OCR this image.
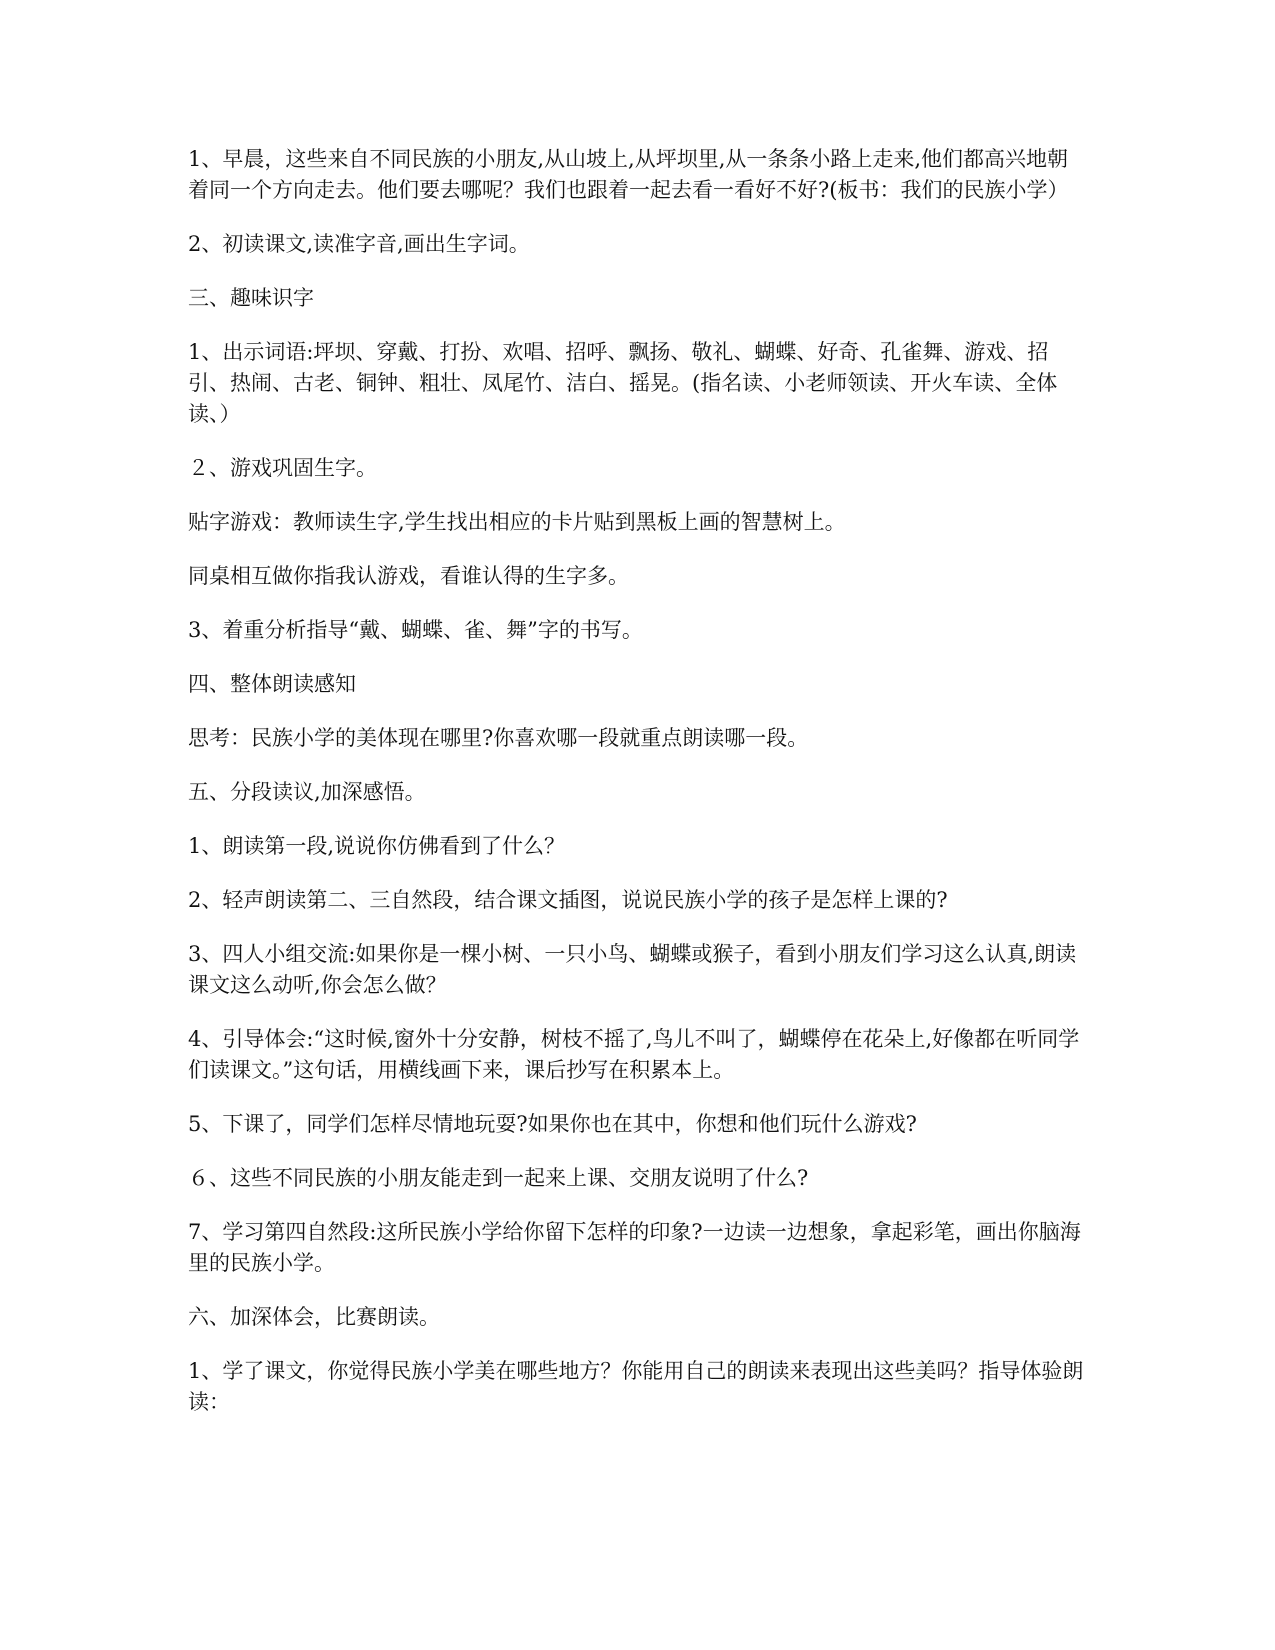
1、早晨，这些来自不同民族的小朋友,从山坡上,从坪坝里,从一条条小路上走来,他们都高兴地朝着同一个方向走去。他们要去哪呢？我们也跟着一起去看一看好不好?(板书：我们的民族小学）

2、初读课文,读准字音,画出生字词。

三、趣味识字

1、出示词语:坪坝、穿戴、打扮、欢唱、招呼、飘扬、敬礼、蝴蝶、好奇、孔雀舞、游戏、招引、热闹、古老、铜钟、粗壮、凤尾竹、洁白、摇晃。(指名读、小老师领读、开火车读、全体读、）

２、游戏巩固生字。

贴字游戏：教师读生字,学生找出相应的卡片贴到黑板上画的智慧树上。

同桌相互做你指我认游戏，看谁认得的生字多。

3、着重分析指导“戴、蝴蝶、雀、舞”字的书写。

四、整体朗读感知

思考：民族小学的美体现在哪里?你喜欢哪一段就重点朗读哪一段。

五、分段读议,加深感悟。

1、朗读第一段,说说你仿佛看到了什么？

2、轻声朗读第二、三自然段，结合课文插图，说说民族小学的孩子是怎样上课的?

3、四人小组交流:如果你是一棵小树、一只小鸟、蝴蝶或猴子，看到小朋友们学习这么认真,朗读课文这么动听,你会怎么做？

4、引导体会:“这时候,窗外十分安静，树枝不摇了,鸟儿不叫了，蝴蝶停在花朵上,好像都在听同学们读课文。”这句话，用横线画下来，课后抄写在积累本上。

5、下课了，同学们怎样尽情地玩耍?如果你也在其中，你想和他们玩什么游戏?

６、这些不同民族的小朋友能走到一起来上课、交朋友说明了什么?

7、学习第四自然段:这所民族小学给你留下怎样的印象?一边读一边想象，拿起彩笔，画出你脑海里的民族小学。

六、加深体会，比赛朗读。

1、学了课文，你觉得民族小学美在哪些地方？你能用自己的朗读来表现出这些美吗？指导体验朗读：
